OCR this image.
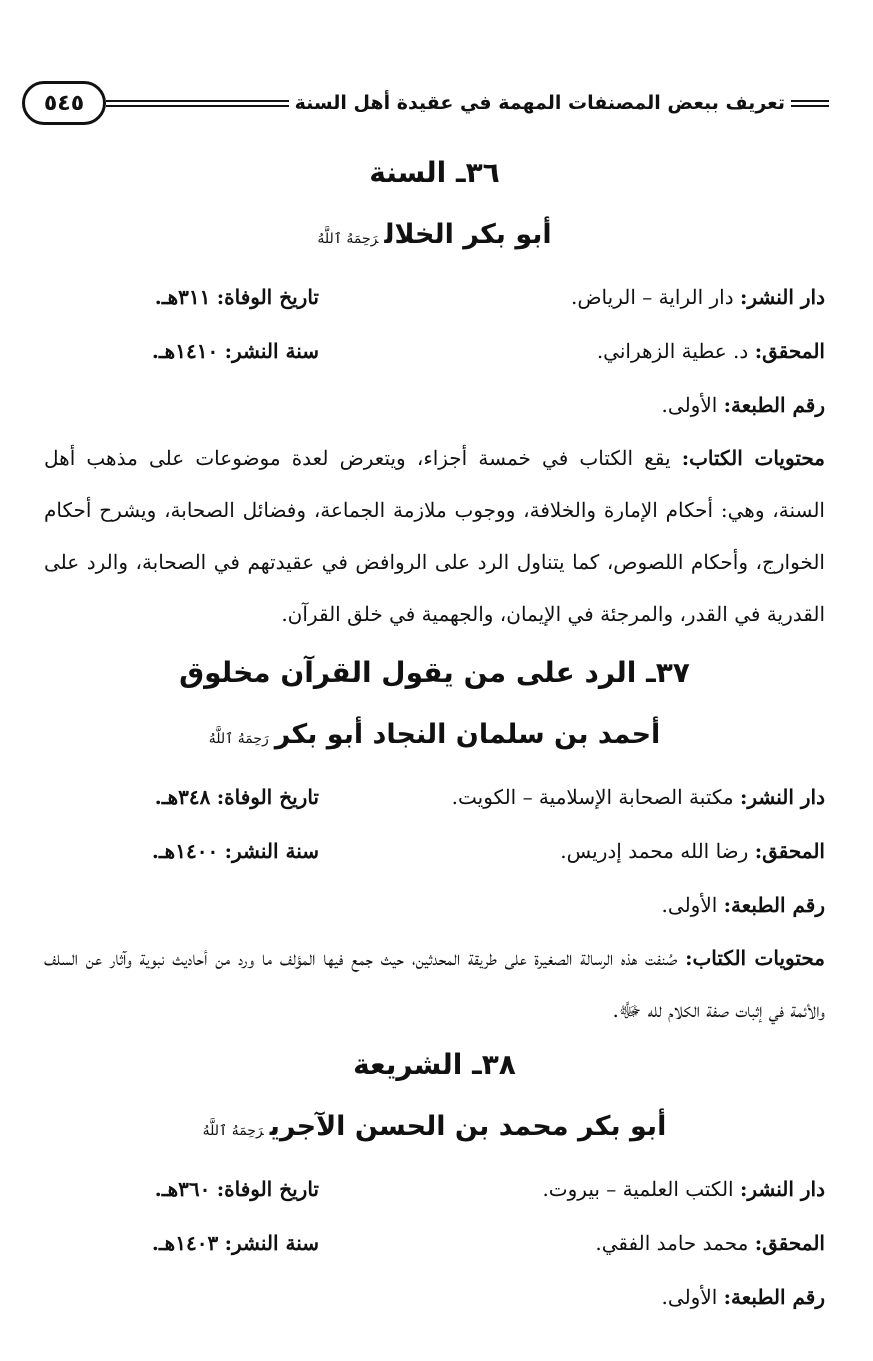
تعريف ببعض المصنفات المهمة في عقيدة أهل السنة
٥٤٥
٣٦ـ السنة
أبو بكر الخلالرَحِمَهُ ٱللَّهُ
دار النشر: دار الراية – الرياض.
تاريخ الوفاة: ٣١١هـ.
المحقق: د. عطية الزهراني.
سنة النشر: ١٤١٠هـ.
رقم الطبعة: الأولى.

محتويات الكتاب: يقع الكتاب في خمسة أجزاء، ويتعرض لعدة موضوعات على مذهب أهل السنة، وهي: أحكام الإمارة والخلافة، ووجوب ملازمة الجماعة، وفضائل الصحابة، ويشرح أحكام الخوارج، وأحكام اللصوص، كما يتناول الرد على الروافض في عقيدتهم في الصحابة، والرد على القدرية في القدر، والمرجئة في الإيمان، والجهمية في خلق القرآن.

٣٧ـ الرد على من يقول القرآن مخلوق
أحمد بن سلمان النجاد أبو بكررَحِمَهُ ٱللَّهُ
دار النشر: مكتبة الصحابة الإسلامية – الكويت.
تاريخ الوفاة: ٣٤٨هـ.
المحقق: رضا الله محمد إدريس.
سنة النشر: ١٤٠٠هـ.
رقم الطبعة: الأولى.

محتويات الكتاب: صُنفت هذه الرسالة الصغيرة على طريقة المحدثين، حيث جمع فيها المؤلف ما ورد من أحاديث نبوية وآثار عن السلف والأئمة في إثبات صفة الكلام لله ﷻ.

٣٨ـ الشريعة
أبو بكر محمد بن الحسن الآجريرَحِمَهُ ٱللَّهُ
دار النشر: الكتب العلمية – بيروت.
تاريخ الوفاة: ٣٦٠هـ.
المحقق: محمد حامد الفقي.
سنة النشر: ١٤٠٣هـ.
رقم الطبعة: الأولى.
